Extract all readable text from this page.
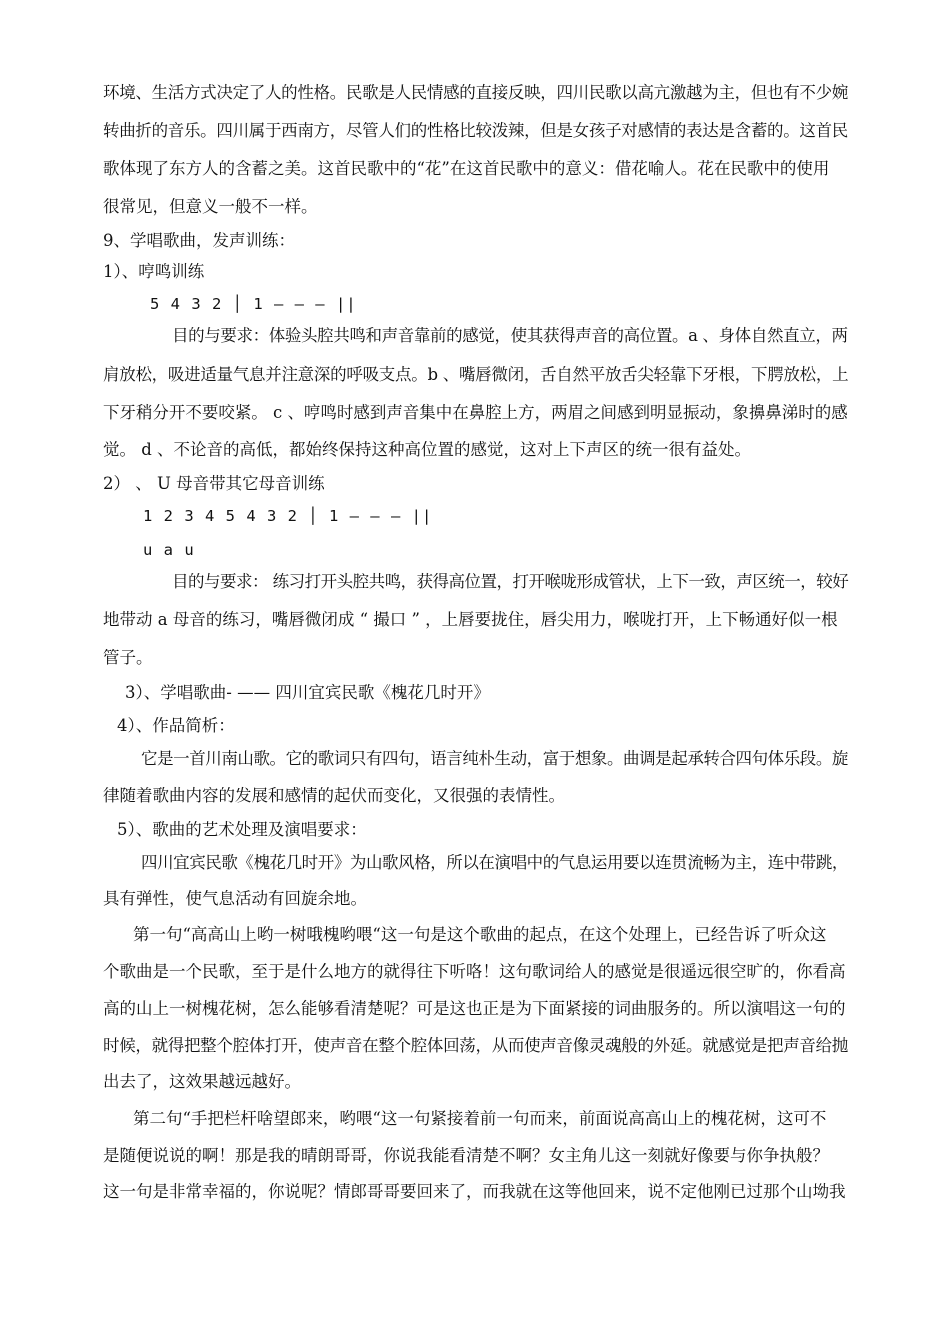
环境、生活方式决定了人的性格。民歌是人民情感的直接反映，四川民歌以高亢激越为主，但也有不少婉
转曲折的音乐。四川属于西南方，尽管人们的性格比较泼辣，但是女孩子对感情的表达是含蓄的。这首民
歌体现了东方人的含蓄之美。这首民歌中的“花”在这首民歌中的意义：借花喻人。花在民歌中的使用
很常见，但意义一般不一样。
9、学唱歌曲，发声训练：
1）、哼鸣训练
5 4 3 2 │ 1 — — — ||
目的与要求：体验头腔共鸣和声音靠前的感觉，使其获得声音的高位置。a 、身体自然直立，两
肩放松，吸进适量气息并注意深的呼吸支点。b 、嘴唇微闭，舌自然平放舌尖轻靠下牙根，下腭放松，上
下牙稍分开不要咬紧。 c 、哼鸣时感到声音集中在鼻腔上方，两眉之间感到明显振动，象擤鼻涕时的感
觉。 d 、不论音的高低，都始终保持这种高位置的感觉，这对上下声区的统一很有益处。
2） 、 U 母音带其它母音训练
1 2 3 4 5 4 3 2 │ 1 — — — ||
u a u
目的与要求： 练习打开头腔共鸣，获得高位置，打开喉咙形成管状，上下一致，声区统一，较好
地带动 a 母音的练习，嘴唇微闭成 “ 撮口 ” ，上唇要拢住，唇尖用力，喉咙打开，上下畅通好似一根
管子。
3）、学唱歌曲- —— 四川宜宾民歌《槐花几时开》
4）、作品简析：
它是一首川南山歌。它的歌词只有四句，语言纯朴生动，富于想象。曲调是起承转合四句体乐段。旋
律随着歌曲内容的发展和感情的起伏而变化，又很强的表情性。
5）、歌曲的艺术处理及演唱要求：
四川宜宾民歌《槐花几时开》为山歌风格，所以在演唱中的气息运用要以连贯流畅为主，连中带跳，
具有弹性，使气息活动有回旋余地。
第一句“高高山上哟一树哦槐哟喂“这一句是这个歌曲的起点，在这个处理上，已经告诉了听众这
个歌曲是一个民歌，至于是什么地方的就得往下听咯！这句歌词给人的感觉是很遥远很空旷的，你看高
高的山上一树槐花树，怎么能够看清楚呢？可是这也正是为下面紧接的词曲服务的。所以演唱这一句的
时候，就得把整个腔体打开，使声音在整个腔体回荡，从而使声音像灵魂般的外延。就感觉是把声音给抛
出去了，这效果越远越好。
第二句“手把栏杆啥望郎来，哟喂“这一句紧接着前一句而来，前面说高高山上的槐花树，这可不
是随便说说的啊！那是我的晴朗哥哥，你说我能看清楚不啊？女主角儿这一刻就好像要与你争执般？
这一句是非常幸福的，你说呢？情郎哥哥要回来了，而我就在这等他回来，说不定他刚已过那个山坳我
